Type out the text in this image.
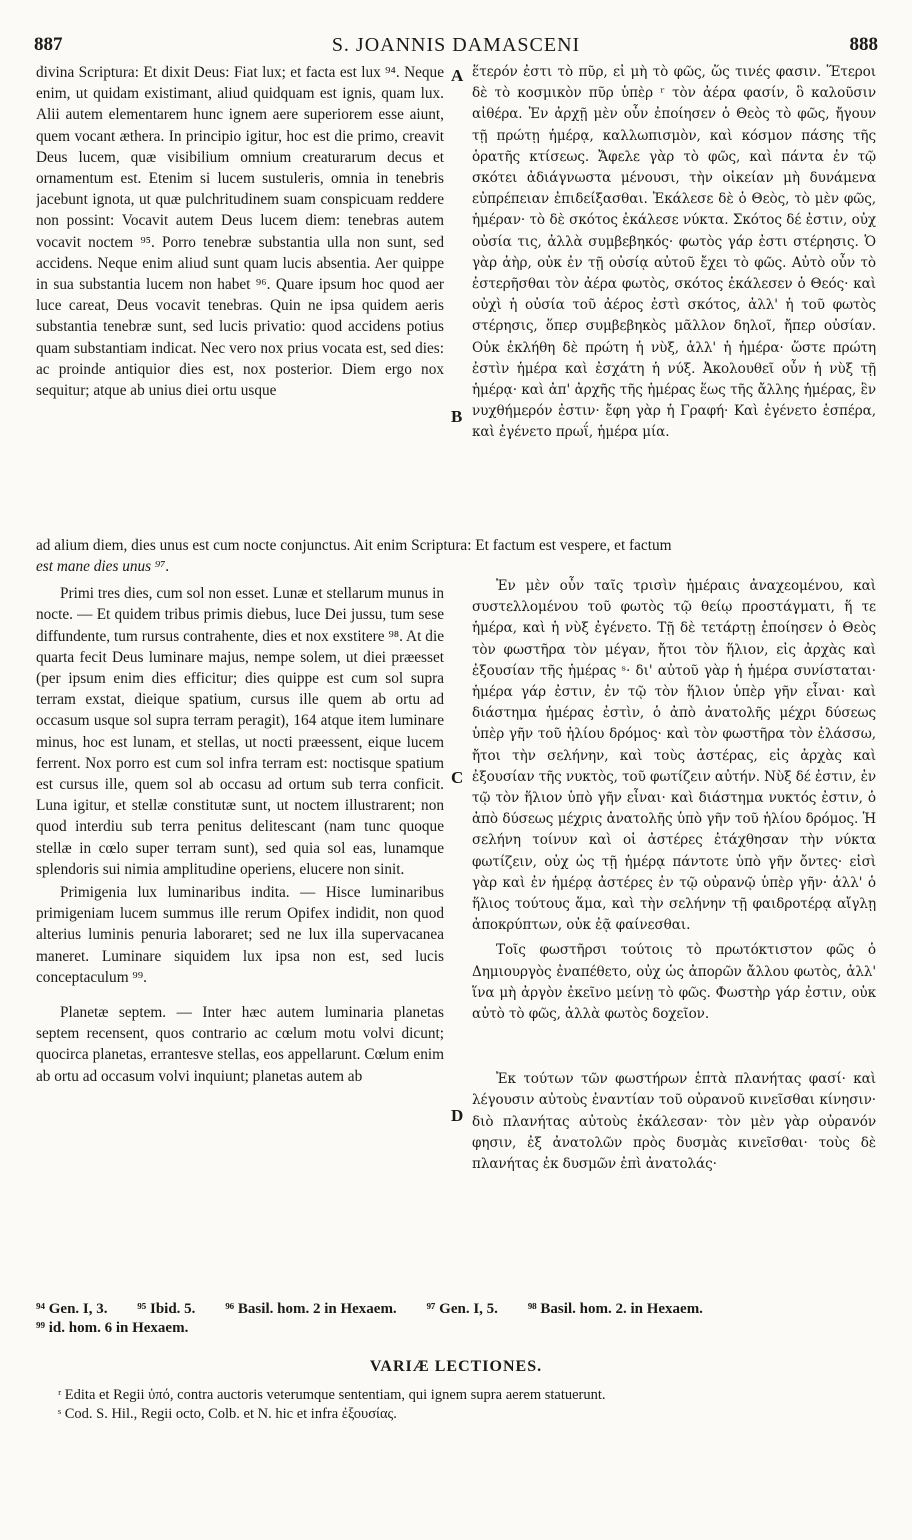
887	S. JOANNIS DAMASCENI	888

divina Scriptura: Et dixit Deus: Fiat lux; et facta est lux ⁹⁴. Neque enim, ut quidam existimant, aliud quidquam est ignis, quam lux. Alii autem elementarem hunc ignem aere superiorem esse aiunt, quem vocant æthera. In principio igitur, hoc est die primo, creavit Deus lucem, quæ visibilium omnium creaturarum decus et ornamentum est. Etenim si lucem sustuleris, omnia in tenebris jacebunt ignota, ut quæ pulchritudinem suam conspicuam reddere non possint: Vocavit autem Deus lucem diem: tenebras autem vocavit noctem ⁹⁵. Porro tenebræ substantia ulla non sunt, sed accidens. Neque enim aliud sunt quam lucis absentia. Aer quippe in sua substantia lucem non habet ⁹⁶. Quare ipsum hoc quod aer luce careat, Deus vocavit tenebras. Quin ne ipsa quidem aeris substantia tenebræ sunt, sed lucis privatio: quod accidens potius quam substantiam indicat. Nec vero nox prius vocata est, sed dies: ac proinde antiquior dies est, nox posterior. Diem ergo nox sequitur; atque ab unius diei ortu usque

ἕτερόν ἐστι τὸ πῦρ, εἰ μὴ τὸ φῶς, ὥς τινές φασιν. Ἕτεροι δὲ τὸ κοσμικὸν πῦρ ὑπὲρ ʳ τὸν ἀέρα φασίν, ὃ καλοῦσιν αἰθέρα. Ἐν ἀρχῇ μὲν οὖν ἐποίησεν ὁ Θεὸς τὸ φῶς, ἤγουν τῇ πρώτῃ ἡμέρᾳ, καλλωπισμὸν, καὶ κόσμον πάσης τῆς ὁρατῆς κτίσεως. Ἄφελε γὰρ τὸ φῶς, καὶ πάντα ἐν τῷ σκότει ἀδιάγνωστα μένουσι, τὴν οἰκείαν μὴ δυνάμενα εὐπρέπειαν ἐπιδείξασθαι. Ἐκάλεσε δὲ ὁ Θεὸς, τὸ μὲν φῶς, ἡμέραν· τὸ δὲ σκότος ἐκάλεσε νύκτα. Σκότος δέ ἐστιν, οὐχ οὐσία τις, ἀλλὰ συμβεβηκός· φωτὸς γάρ ἐστι στέρησις. Ὁ γὰρ ἀὴρ, οὐκ ἐν τῇ οὐσίᾳ αὐτοῦ ἔχει τὸ φῶς. Αὐτὸ οὖν τὸ ἐστερῆσθαι τὸν ἀέρα φωτὸς, σκότος ἐκάλεσεν ὁ Θεός· καὶ οὐχὶ ἡ οὐσία τοῦ ἀέρος ἐστὶ σκότος, ἀλλ' ἡ τοῦ φωτὸς στέρησις, ὅπερ συμβεβηκὸς μᾶλλον δηλοῖ, ἤπερ οὐσίαν. Οὐκ ἐκλήθη δὲ πρώτη ἡ νὺξ, ἀλλ' ἡ ἡμέρα· ὥστε πρώτη ἐστὶν ἡμέρα καὶ ἐσχάτη ἡ νύξ. Ἀκολουθεῖ οὖν ἡ νὺξ τῇ ἡμέρᾳ· καὶ ἀπ' ἀρχῆς τῆς ἡμέρας ἕως τῆς ἄλλης ἡμέρας, ἓν νυχθήμερόν ἐστιν· ἔφη γὰρ ἡ Γραφή· Καὶ ἐγένετο ἑσπέρα, καὶ ἐγένετο πρωΐ, ἡμέρα μία.

A
B
ad alium diem, dies unus est cum nocte conjunctus. Ait enim Scriptura: Et factum est vespere, et factum

est mane dies unus ⁹⁷.

Primi tres dies, cum sol non esset. Lunæ et stellarum munus in nocte. — Et quidem tribus primis diebus, luce Dei jussu, tum sese diffundente, tum rursus contrahente, dies et nox exstitere ⁹⁸. At die quarta fecit Deus luminare majus, nempe solem, ut diei præesset (per ipsum enim dies efficitur; dies quippe est cum sol supra terram exstat, dieique spatium, cursus ille quem ab ortu ad occasum usque sol supra terram peragit), 164 atque item luminare minus, hoc est lunam, et stellas, ut nocti præessent, eique lucem ferrent. Nox porro est cum sol infra terram est: noctisque spatium est cursus ille, quem sol ab occasu ad ortum sub terra conficit. Luna igitur, et stellæ constitutæ sunt, ut noctem illustrarent; non quod interdiu sub terra penitus delitescant (nam tunc quoque stellæ in cœlo super terram sunt), sed quia sol eas, lunamque splendoris sui nimia amplitudine operiens, elucere non sinit.

Primigenia lux luminaribus indita. — Hisce luminaribus primigeniam lucem summus ille rerum Opifex indidit, non quod alterius luminis penuria laboraret; sed ne lux illa supervacanea maneret. Luminare siquidem lux ipsa non est, sed lucis conceptaculum ⁹⁹.

Planetæ septem. — Inter hæc autem luminaria planetas septem recensent, quos contrario ac cœlum motu volvi dicunt; quocirca planetas, errantesve stellas, eos appellarunt. Cœlum enim ab ortu ad occasum volvi inquiunt; planetas autem ab

Ἐν μὲν οὖν ταῖς τρισὶν ἡμέραις ἀναχεομένου, καὶ συστελλομένου τοῦ φωτὸς τῷ θείῳ προστάγματι, ἥ τε ἡμέρα, καὶ ἡ νὺξ ἐγένετο. Τῇ δὲ τετάρτῃ ἐποίησεν ὁ Θεὸς τὸν φωστῆρα τὸν μέγαν, ἤτοι τὸν ἥλιον, εἰς ἀρχὰς καὶ ἐξουσίαν τῆς ἡμέρας ˢ· δι' αὐτοῦ γὰρ ἡ ἡμέρα συνίσταται· ἡμέρα γάρ ἐστιν, ἐν τῷ τὸν ἥλιον ὑπὲρ γῆν εἶναι· καὶ διάστημα ἡμέρας ἐστὶν, ὁ ἀπὸ ἀνατολῆς μέχρι δύσεως ὑπὲρ γῆν τοῦ ἡλίου δρόμος· καὶ τὸν φωστῆρα τὸν ἐλάσσω, ἤτοι τὴν σελήνην, καὶ τοὺς ἀστέρας, εἰς ἀρχὰς καὶ ἐξουσίαν τῆς νυκτὸς, τοῦ φωτίζειν αὐτήν. Νὺξ δέ ἐστιν, ἐν τῷ τὸν ἥλιον ὑπὸ γῆν εἶναι· καὶ διάστημα νυκτός ἐστιν, ὁ ἀπὸ δύσεως μέχρις ἀνατολῆς ὑπὸ γῆν τοῦ ἡλίου δρόμος. Ἡ σελήνη τοίνυν καὶ οἱ ἀστέρες ἐτάχθησαν τὴν νύκτα φωτίζειν, οὐχ ὡς τῇ ἡμέρᾳ πάντοτε ὑπὸ γῆν ὄντες· εἰσὶ γὰρ καὶ ἐν ἡμέρᾳ ἀστέρες ἐν τῷ οὐρανῷ ὑπὲρ γῆν· ἀλλ' ὁ ἥλιος τούτους ἅμα, καὶ τὴν σελήνην τῇ φαιδροτέρᾳ αἴγλῃ ἀποκρύπτων, οὐκ ἐᾷ φαίνεσθαι.

Τοῖς φωστῆρσι τούτοις τὸ πρωτόκτιστον φῶς ὁ Δημιουργὸς ἐναπέθετο, οὐχ ὡς ἀπορῶν ἄλλου φωτὸς, ἀλλ' ἵνα μὴ ἀργὸν ἐκεῖνο μείνῃ τὸ φῶς. Φωστὴρ γάρ ἐστιν, οὐκ αὐτὸ τὸ φῶς, ἀλλὰ φωτὸς δοχεῖον.

Ἐκ τούτων τῶν φωστήρων ἑπτὰ πλανήτας φασί· καὶ λέγουσιν αὐτοὺς ἐναντίαν τοῦ οὐρανοῦ κινεῖσθαι κίνησιν· διὸ πλανήτας αὐτοὺς ἐκάλεσαν· τὸν μὲν γὰρ οὐρανόν φησιν, ἐξ ἀνατολῶν πρὸς δυσμὰς κινεῖσθαι· τοὺς δὲ πλανήτας ἐκ δυσμῶν ἐπὶ ἀνατολάς·

C
D
⁹⁴ Gen. I, 3. ⁹⁵ Ibid. 5. ⁹⁶ Basil. hom. 2 in Hexaem. ⁹⁷ Gen. I, 5. ⁹⁸ Basil. hom. 2. in Hexaem.
⁹⁹ id. hom. 6 in Hexaem.
VARIÆ LECTIONES.

ʳ Edita et Regii ὑπό, contra auctoris veterumque sententiam, qui ignem supra aerem statuerunt.

ˢ Cod. S. Hil., Regii octo, Colb. et N. hic et infra ἐξουσίας.
